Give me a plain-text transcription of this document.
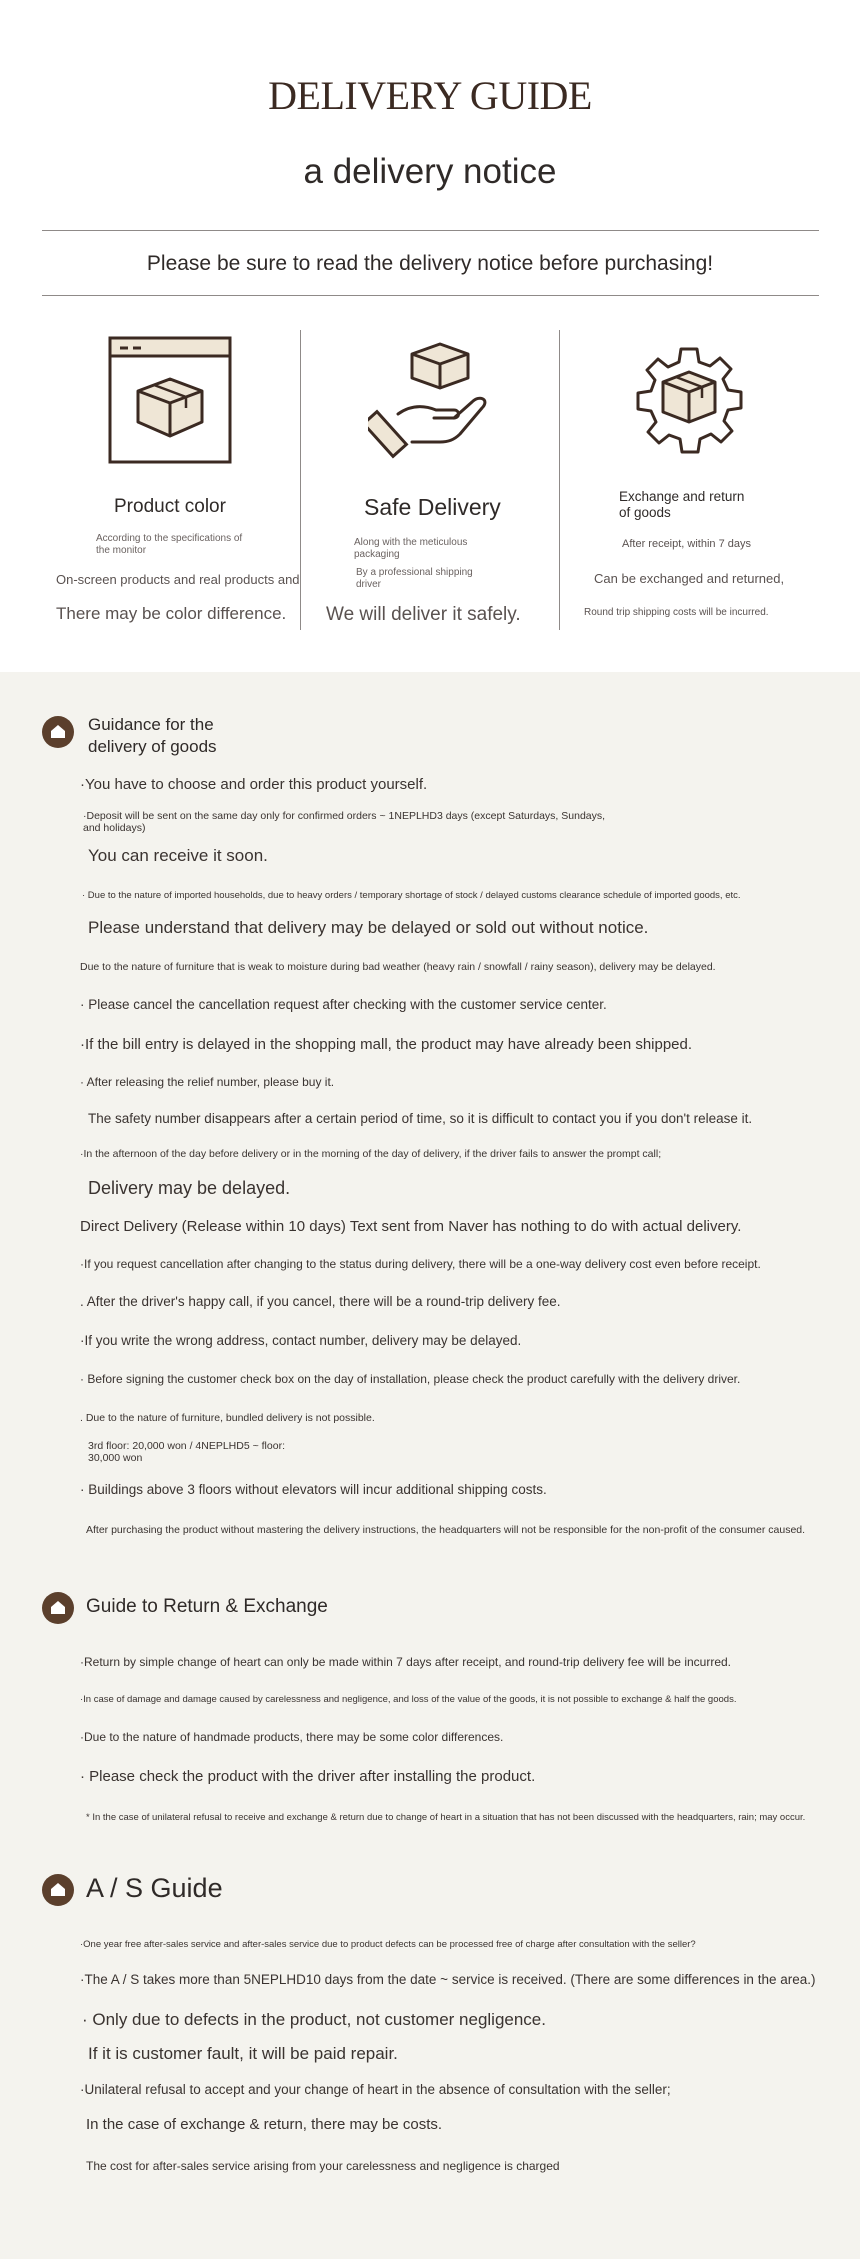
DELIVERY GUIDE
a delivery notice
Please be sure to read the delivery notice before purchasing!
Product color
According to the specifications of the monitor
On-screen products and real products and
There may be color difference.
Safe Delivery
Along with the meticulous packaging
By a professional shipping driver
We will deliver it safely.
Exchange and return of goods
After receipt, within 7 days
Can be exchanged and returned,
Round trip shipping costs will be incurred.
Guidance for the delivery of goods
·You have to choose and order this product yourself.
·Deposit will be sent on the same day only for confirmed orders ~ 1NEPLHD3 days (except Saturdays, Sundays, and holidays)
You can receive it soon.
· Due to the nature of imported households, due to heavy orders / temporary shortage of stock / delayed customs clearance schedule of imported goods, etc.
Please understand that delivery may be delayed or sold out without notice.
Due to the nature of furniture that is weak to moisture during bad weather (heavy rain / snowfall / rainy season), delivery may be delayed.
· Please cancel the cancellation request after checking with the customer service center.
·If the bill entry is delayed in the shopping mall, the product may have already been shipped.
· After releasing the relief number, please buy it.
The safety number disappears after a certain period of time, so it is difficult to contact you if you don't release it.
·In the afternoon of the day before delivery or in the morning of the day of delivery, if the driver fails to answer the prompt call;
Delivery may be delayed.
Direct Delivery (Release within 10 days) Text sent from Naver has nothing to do with actual delivery.
·If you request cancellation after changing to the status during delivery, there will be a one-way delivery cost even before receipt.
. After the driver's happy call, if you cancel, there will be a round-trip delivery fee.
·If you write the wrong address, contact number, delivery may be delayed.
· Before signing the customer check box on the day of installation, please check the product carefully with the delivery driver.
. Due to the nature of furniture, bundled delivery is not possible.
3rd floor: 20,000 won / 4NEPLHD5 ~ floor: 30,000 won
· Buildings above 3 floors without elevators will incur additional shipping costs.
After purchasing the product without mastering the delivery instructions, the headquarters will not be responsible for the non-profit of the consumer caused.
Guide to Return & Exchange
·Return by simple change of heart can only be made within 7 days after receipt, and round-trip delivery fee will be incurred.
·In case of damage and damage caused by carelessness and negligence, and loss of the value of the goods, it is not possible to exchange & half the goods.
·Due to the nature of handmade products, there may be some color differences.
· Please check the product with the driver after installing the product.
* In the case of unilateral refusal to receive and exchange & return due to change of heart in a situation that has not been discussed with the headquarters, rain; may occur.
A / S Guide
·One year free after-sales service and after-sales service due to product defects can be processed free of charge after consultation with the seller?
·The A / S takes more than 5NEPLHD10 days from the date ~ service is received. (There are some differences in the area.)
· Only due to defects in the product, not customer negligence.
If it is customer fault, it will be paid repair.
·Unilateral refusal to accept and your change of heart in the absence of consultation with the seller;
In the case of exchange & return, there may be costs.
The cost for after-sales service arising from your carelessness and negligence is charged
